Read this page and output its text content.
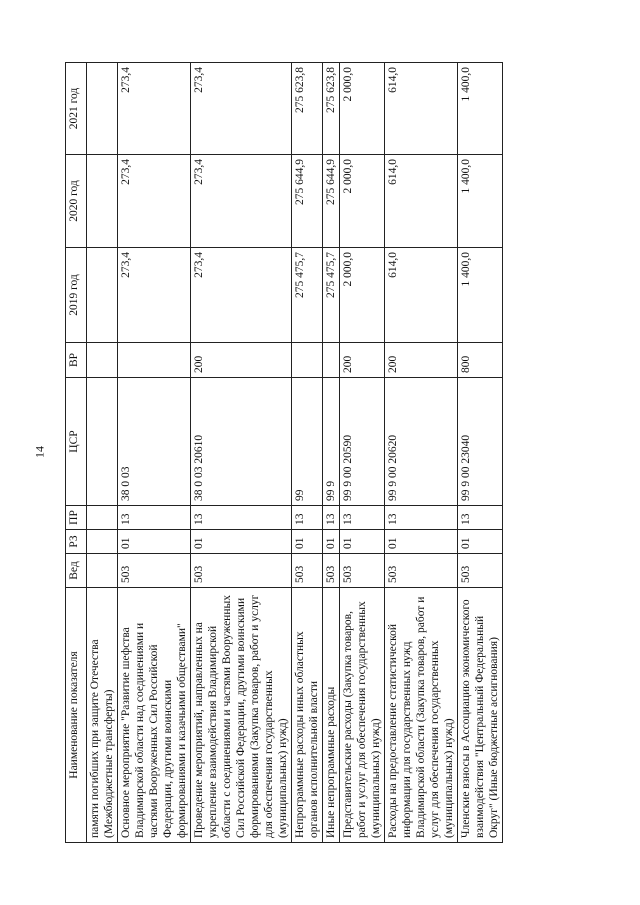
14
Наименование показателя	Вед	РЗ	ПР	ЦСР	ВР	2019 год	2020 год	2021 год
памяти погибших при защите Отечества (Межбюджетные трансферты)								
Основное мероприятие "Развитие шефства Владимирской области над соединениями и частями Вооруженных Сил Российской Федерации, другими воинскими формированиями и казачьими обществами"	503	01	13	38 0 03		273,4	273,4	273,4
Проведение мероприятий, направленных на укрепление взаимодействия Владимирской области с соединениями и частями Вооруженных Сил Российской Федерации, другими воинскими формированиями (Закупка товаров, работ и услуг для обеспечения государственных (муниципальных) нужд)	503	01	13	38 0 03 20610	200	273,4	273,4	273,4
Непрограммные расходы иных областных органов исполнительной власти	503	01	13	99		275 475,7	275 644,9	275 623,8
Иные непрограммные расходы	503	01	13	99 9		275 475,7	275 644,9	275 623,8
Представительские расходы (Закупка товаров, работ и услуг для обеспечения государственных (муниципальных) нужд)	503	01	13	99 9 00 20590	200	2 000,0	2 000,0	2 000,0
Расходы на предоставление статистической информации для государственных нужд Владимирской области (Закупка товаров, работ и услуг для обеспечения государственных (муниципальных) нужд)	503	01	13	99 9 00 20620	200	614,0	614,0	614,0
Членские взносы в Ассоциацию экономического взаимодействия "Центральный Федеральный Округ" (Иные бюджетные ассигнования)	503	01	13	99 9 00 23040	800	1 400,0	1 400,0	1 400,0
